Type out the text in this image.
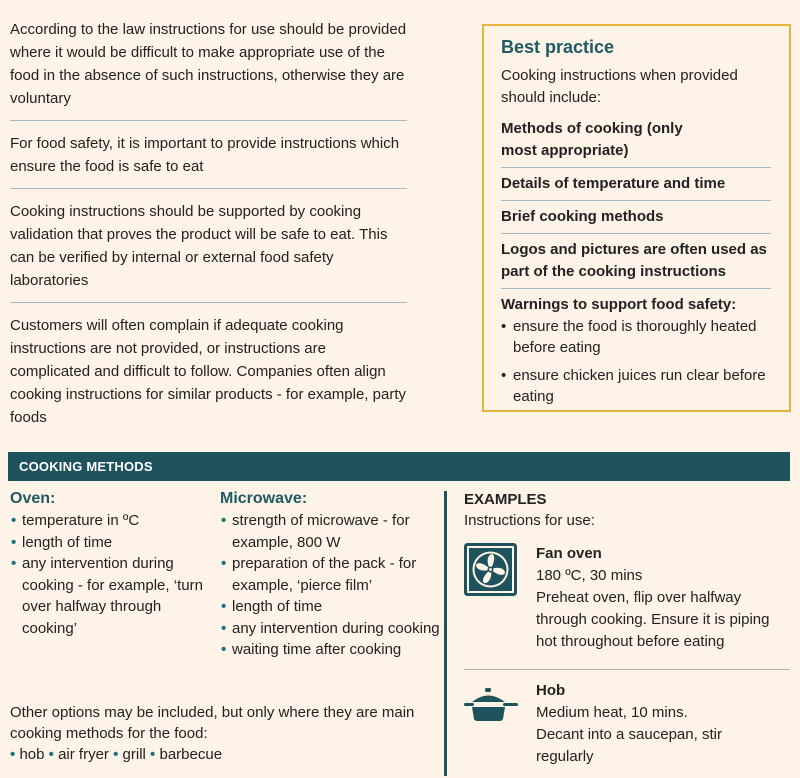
According to the law instructions for use should be provided where it would be difficult to make appropriate use of the food in the absence of such instructions, otherwise they are voluntary

For food safety, it is important to provide instructions which ensure the food is safe to eat

Cooking instructions should be supported by cooking validation that proves the product will be safe to eat. This can be verified by internal or external food safety laboratories

Customers will often complain if adequate cooking instructions are not provided, or instructions are complicated and difficult to follow. Companies often align cooking instructions for similar products - for example, party foods

Best practice
Cooking instructions when provided should include:
Methods of cooking (only most appropriate)
Details of temperature and time
Brief cooking methods
Logos and pictures are often used as part of the cooking instructions
Warnings to support food safety:
• ensure the food is thoroughly heated before eating
• ensure chicken juices run clear before eating
COOKING METHODS
Oven:
• temperature in ºC
• length of time
• any intervention during cooking - for example, ‘turn over halfway through cooking’
Microwave:
• strength of microwave - for example, 800 W
• preparation of the pack - for example, ‘pierce film’
• length of time
• any intervention during cooking
• waiting time after cooking
Other options may be included, but only where they are main cooking methods for the food:
• hob • air fryer • grill • barbecue
EXAMPLES
Instructions for use:
Fan oven
180 ºC, 30 mins
Preheat oven, flip over halfway through cooking. Ensure it is piping hot throughout before eating
Hob
Medium heat, 10 mins.
Decant into a saucepan, stir regularly
